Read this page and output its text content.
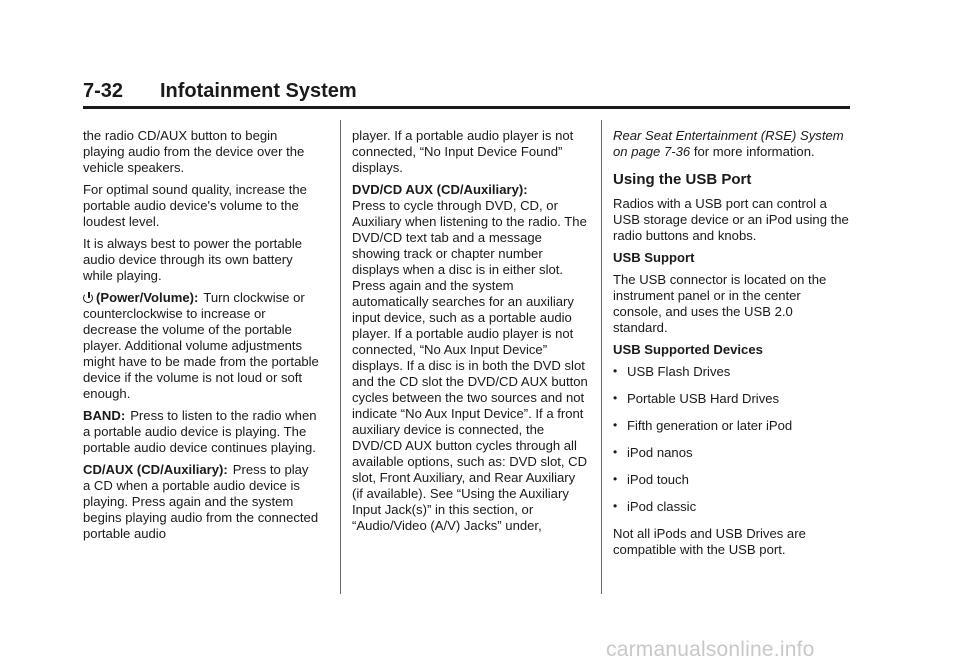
7-32 Infotainment System

the radio CD/AUX button to begin playing audio from the device over the vehicle speakers.

For optimal sound quality, increase the portable audio device's volume to the loudest level.

It is always best to power the portable audio device through its own battery while playing.

(Power/Volume): Turn clockwise or counterclockwise to increase or decrease the volume of the portable player. Additional volume adjustments might have to be made from the portable device if the volume is not loud or soft enough.

BAND: Press to listen to the radio when a portable audio device is playing. The portable audio device continues playing.

CD/AUX (CD/Auxiliary): Press to play a CD when a portable audio device is playing. Press again and the system begins playing audio from the connected portable audio

player. If a portable audio player is not connected, “No Input Device Found” displays.

DVD/CD AUX (CD/Auxiliary):

Press to cycle through DVD, CD, or Auxiliary when listening to the radio. The DVD/CD text tab and a message showing track or chapter number displays when a disc is in either slot. Press again and the system automatically searches for an auxiliary input device, such as a portable audio player. If a portable audio player is not connected, “No Aux Input Device” displays. If a disc is in both the DVD slot and the CD slot the DVD/CD AUX button cycles between the two sources and not indicate “No Aux Input Device”. If a front auxiliary device is connected, the DVD/CD AUX button cycles through all available options, such as: DVD slot, CD slot, Front Auxiliary, and Rear Auxiliary (if available). See “Using the Auxiliary Input Jack(s)” in this section, or “Audio/Video (A/V) Jacks” under,

Rear Seat Entertainment (RSE) System on page 7-36 for more information.

Using the USB Port

Radios with a USB port can control a USB storage device or an iPod using the radio buttons and knobs.

USB Support

The USB connector is located on the instrument panel or in the center console, and uses the USB 2.0 standard.

USB Supported Devices

• USB Flash Drives
• Portable USB Hard Drives
• Fifth generation or later iPod
• iPod nanos
• iPod touch
• iPod classic

Not all iPods and USB Drives are compatible with the USB port.

carmanualsonline.info
